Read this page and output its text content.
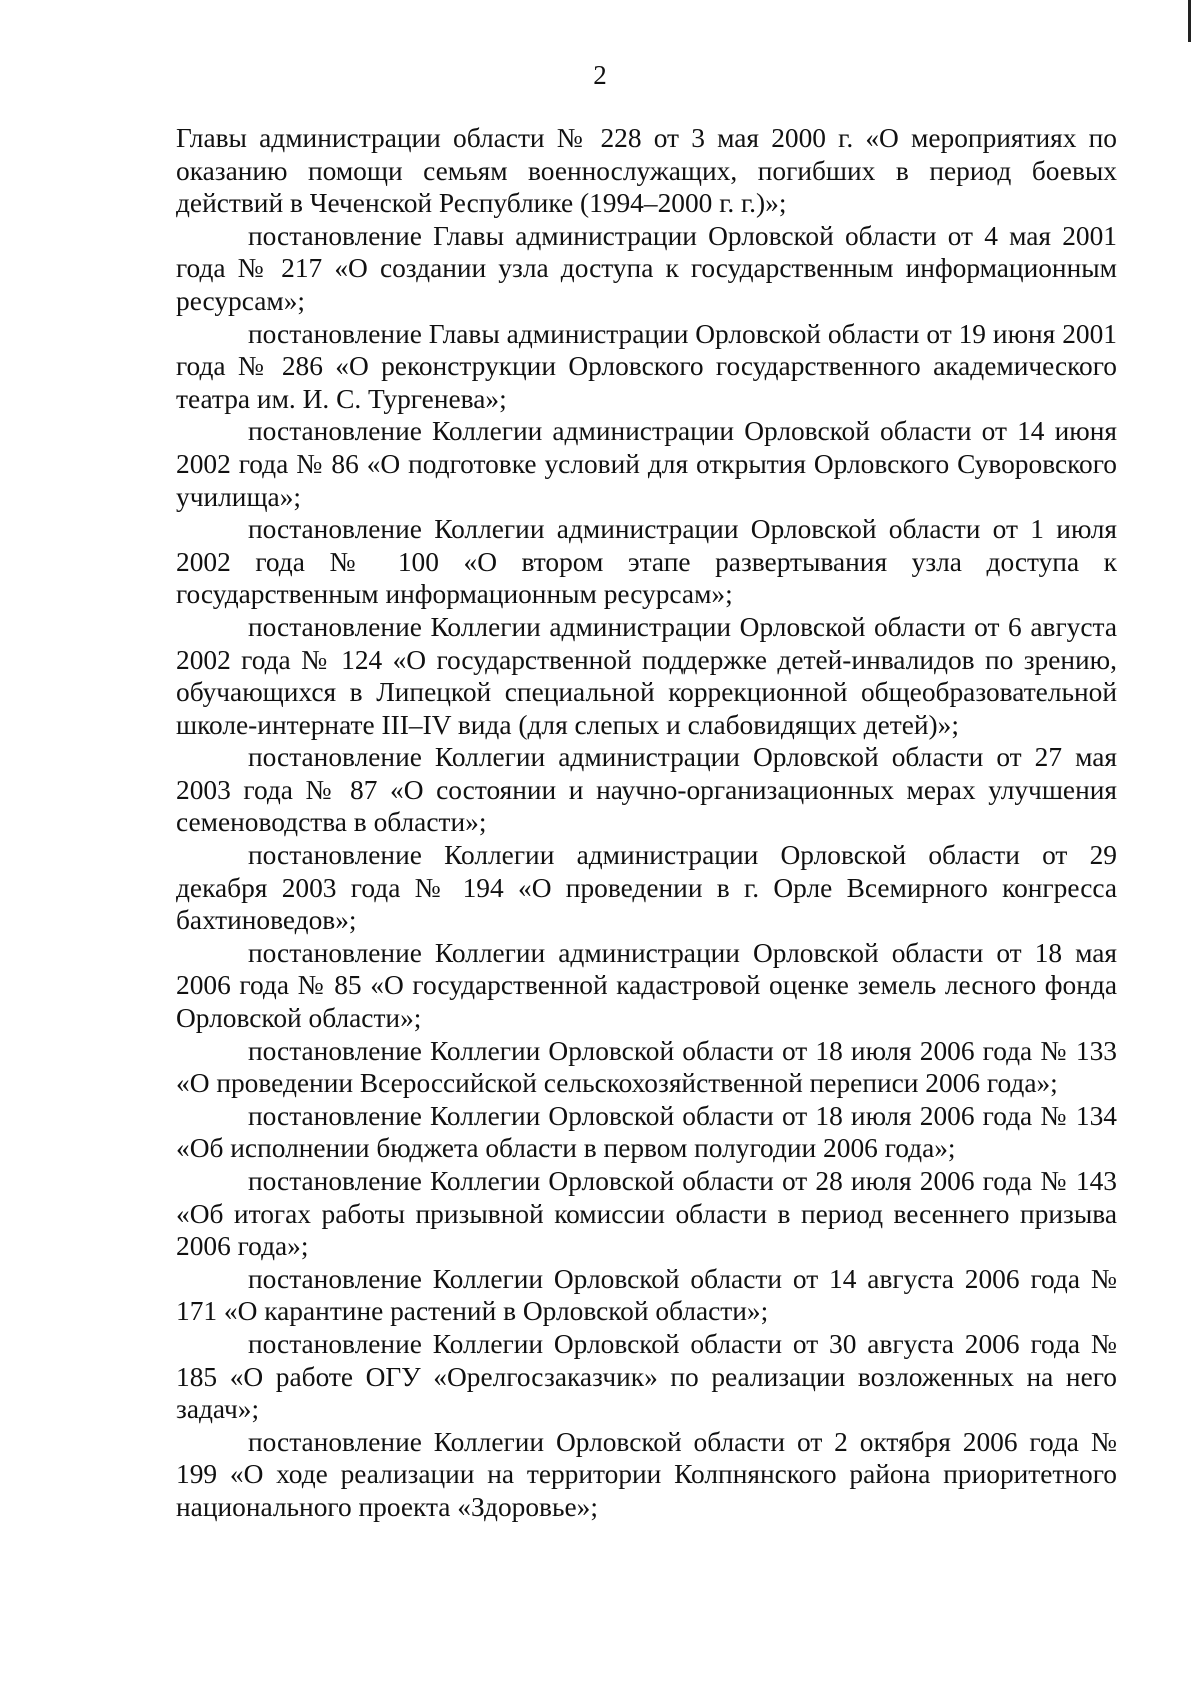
2

Главы администрации области № 228 от 3 мая 2000 г. «О мероприятиях по оказанию помощи семьям военнослужащих, погибших в период боевых действий в Чеченской Республике (1994–2000 г. г.)»;

постановление Главы администрации Орловской области от 4 мая 2001 года № 217 «О создании узла доступа к государственным информационным ресурсам»;

постановление Главы администрации Орловской области от 19 июня 2001 года № 286 «О реконструкции Орловского государственного академического театра им. И. С. Тургенева»;

постановление Коллегии администрации Орловской области от 14 июня 2002 года № 86 «О подготовке условий для открытия Орловского Суворовского училища»;

постановление Коллегии администрации Орловской области от 1 июля 2002 года № 100 «О втором этапе развертывания узла доступа к государственным информационным ресурсам»;

постановление Коллегии администрации Орловской области от 6 августа 2002 года № 124 «О государственной поддержке детей-инвалидов по зрению, обучающихся в Липецкой специальной коррекционной общеобразовательной школе-интернате III–IV вида (для слепых и слабовидящих детей)»;

постановление Коллегии администрации Орловской области от 27 мая 2003 года № 87 «О состоянии и научно-организационных мерах улучшения семеноводства в области»;

постановление Коллегии администрации Орловской области от 29 декабря 2003 года № 194 «О проведении в г. Орле Всемирного конгресса бахтиноведов»;

постановление Коллегии администрации Орловской области от 18 мая 2006 года № 85 «О государственной кадастровой оценке земель лесного фонда Орловской области»;

постановление Коллегии Орловской области от 18 июля 2006 года № 133 «О проведении Всероссийской сельскохозяйственной переписи 2006 года»;

постановление Коллегии Орловской области от 18 июля 2006 года № 134 «Об исполнении бюджета области в первом полугодии 2006 года»;

постановление Коллегии Орловской области от 28 июля 2006 года № 143 «Об итогах работы призывной комиссии области в период весеннего призыва 2006 года»;

постановление Коллегии Орловской области от 14 августа 2006 года № 171 «О карантине растений в Орловской области»;

постановление Коллегии Орловской области от 30 августа 2006 года № 185 «О работе ОГУ «Орелгосзаказчик» по реализации возложенных на него задач»;

постановление Коллегии Орловской области от 2 октября 2006 года № 199 «О ходе реализации на территории Колпнянского района приоритетного национального проекта «Здоровье»;
